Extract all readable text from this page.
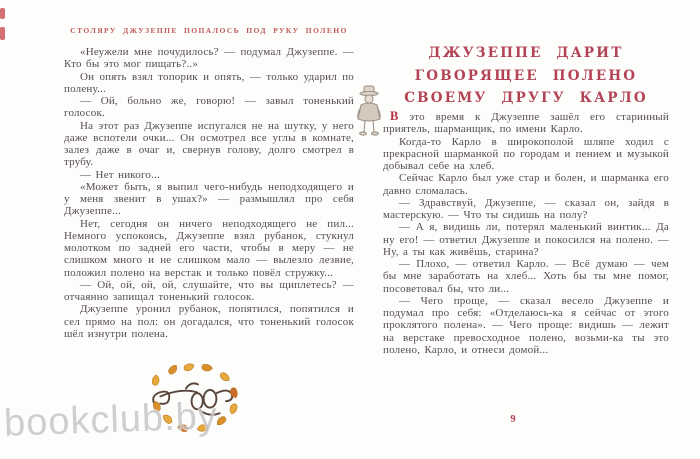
СТОЛЯРУ ДЖУЗЕППЕ ПОПАЛОСЬ ПОД РУКУ ПОЛЕНО

«Неужели мне почудилось? — подумал Джузеппе. — Кто бы это мог пищать?..»

Он опять взял топорик и опять, — только ударил по полену...

— Ой, больно же, говорю! — завыл тоненький голосок.

На этот раз Джузеппе испугался не на шутку, у него даже вспотели очки... Он осмотрел все углы в комнате, залез даже в очаг и, свернув голову, долго смотрел в трубу.

— Нет никого...

«Может быть, я выпил чего-нибудь неподходящего и у меня звенит в ушах?» — размышлял про себя Джузеппе...

Нет, сегодня он ничего неподходящего не пил... Немного успокоясь, Джузеппе взял рубанок, стукнул молотком по задней его части, чтобы в меру — не слишком много и не слишком мало — вылезло лезвие, положил полено на верстак и только повёл стружку...

— Ой, ой, ой, ой, слушайте, что вы щиплетесь? — отчаянно запищал тоненький голосок.

Джузеппе уронил рубанок, попятился, попятился и сел прямо на пол: он догадался, что тоненький голосок шёл изнутри полена.

ДЖУЗЕППЕ ДАРИТ
ГОВОРЯЩЕЕ ПОЛЕНО
СВОЕМУ ДРУГУ КАРЛО

В это время к Джузеппе зашёл его старинный приятель, шарманщик, по имени Карло.

Когда-то Карло в широкополой шляпе ходил с прекрасной шарманкой по городам и пением и музыкой добывал себе на хлеб.

Сейчас Карло был уже стар и болен, и шарманка его давно сломалась.

— Здравствуй, Джузеппе, — сказал он, зайдя в мастерскую. — Что ты сидишь на полу?

— А я, видишь ли, потерял маленький винтик... Да ну его! — ответил Джузеппе и покосился на полено. — Ну, а ты как живёшь, старина?

— Плохо, — ответил Карло. — Всё думаю — чем бы мне заработать на хлеб... Хоть бы ты мне помог, посоветовал бы, что ли...

— Чего проще, — сказал весело Джузеппе и подумал про себя: «Отделаюсь-ка я сейчас от этого проклятого полена». — Чего проще: видишь — лежит на верстаке превосходное полено, возьми-ка ты это полено, Карло, и отнеси домой...

9
bookclub.by
